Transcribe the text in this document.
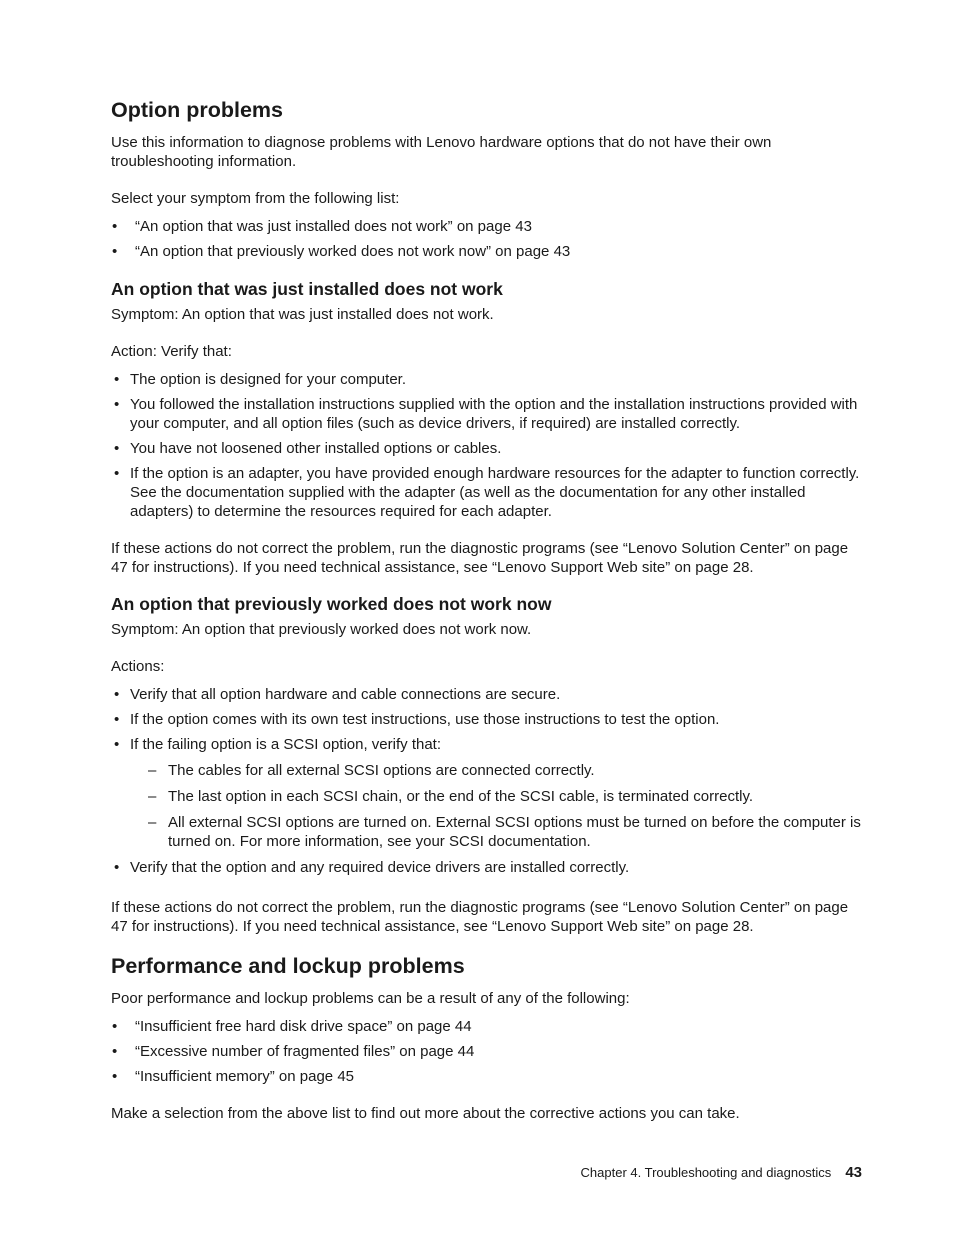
Option problems

Use this information to diagnose problems with Lenovo hardware options that do not have their own troubleshooting information.

Select your symptom from the following list:

• “An option that was just installed does not work” on page 43
• “An option that previously worked does not work now” on page 43
An option that was just installed does not work

Symptom: An option that was just installed does not work.

Action: Verify that:

• The option is designed for your computer.
• You followed the installation instructions supplied with the option and the installation instructions provided with your computer, and all option files (such as device drivers, if required) are installed correctly.
• You have not loosened other installed options or cables.
• If the option is an adapter, you have provided enough hardware resources for the adapter to function correctly. See the documentation supplied with the adapter (as well as the documentation for any other installed adapters) to determine the resources required for each adapter.

If these actions do not correct the problem, run the diagnostic programs (see “Lenovo Solution Center” on page 47 for instructions). If you need technical assistance, see “Lenovo Support Web site” on page 28.

An option that previously worked does not work now

Symptom: An option that previously worked does not work now.

Actions:

• Verify that all option hardware and cable connections are secure.
• If the option comes with its own test instructions, use those instructions to test the option.
• If the failing option is a SCSI option, verify that:
– The cables for all external SCSI options are connected correctly.
– The last option in each SCSI chain, or the end of the SCSI cable, is terminated correctly.
– All external SCSI options are turned on. External SCSI options must be turned on before the computer is turned on. For more information, see your SCSI documentation.
• Verify that the option and any required device drivers are installed correctly.

If these actions do not correct the problem, run the diagnostic programs (see “Lenovo Solution Center” on page 47 for instructions). If you need technical assistance, see “Lenovo Support Web site” on page 28.

Performance and lockup problems

Poor performance and lockup problems can be a result of any of the following:

• “Insufficient free hard disk drive space” on page 44
• “Excessive number of fragmented files” on page 44
• “Insufficient memory” on page 45

Make a selection from the above list to find out more about the corrective actions you can take.

Chapter 4. Troubleshooting and diagnostics 43
